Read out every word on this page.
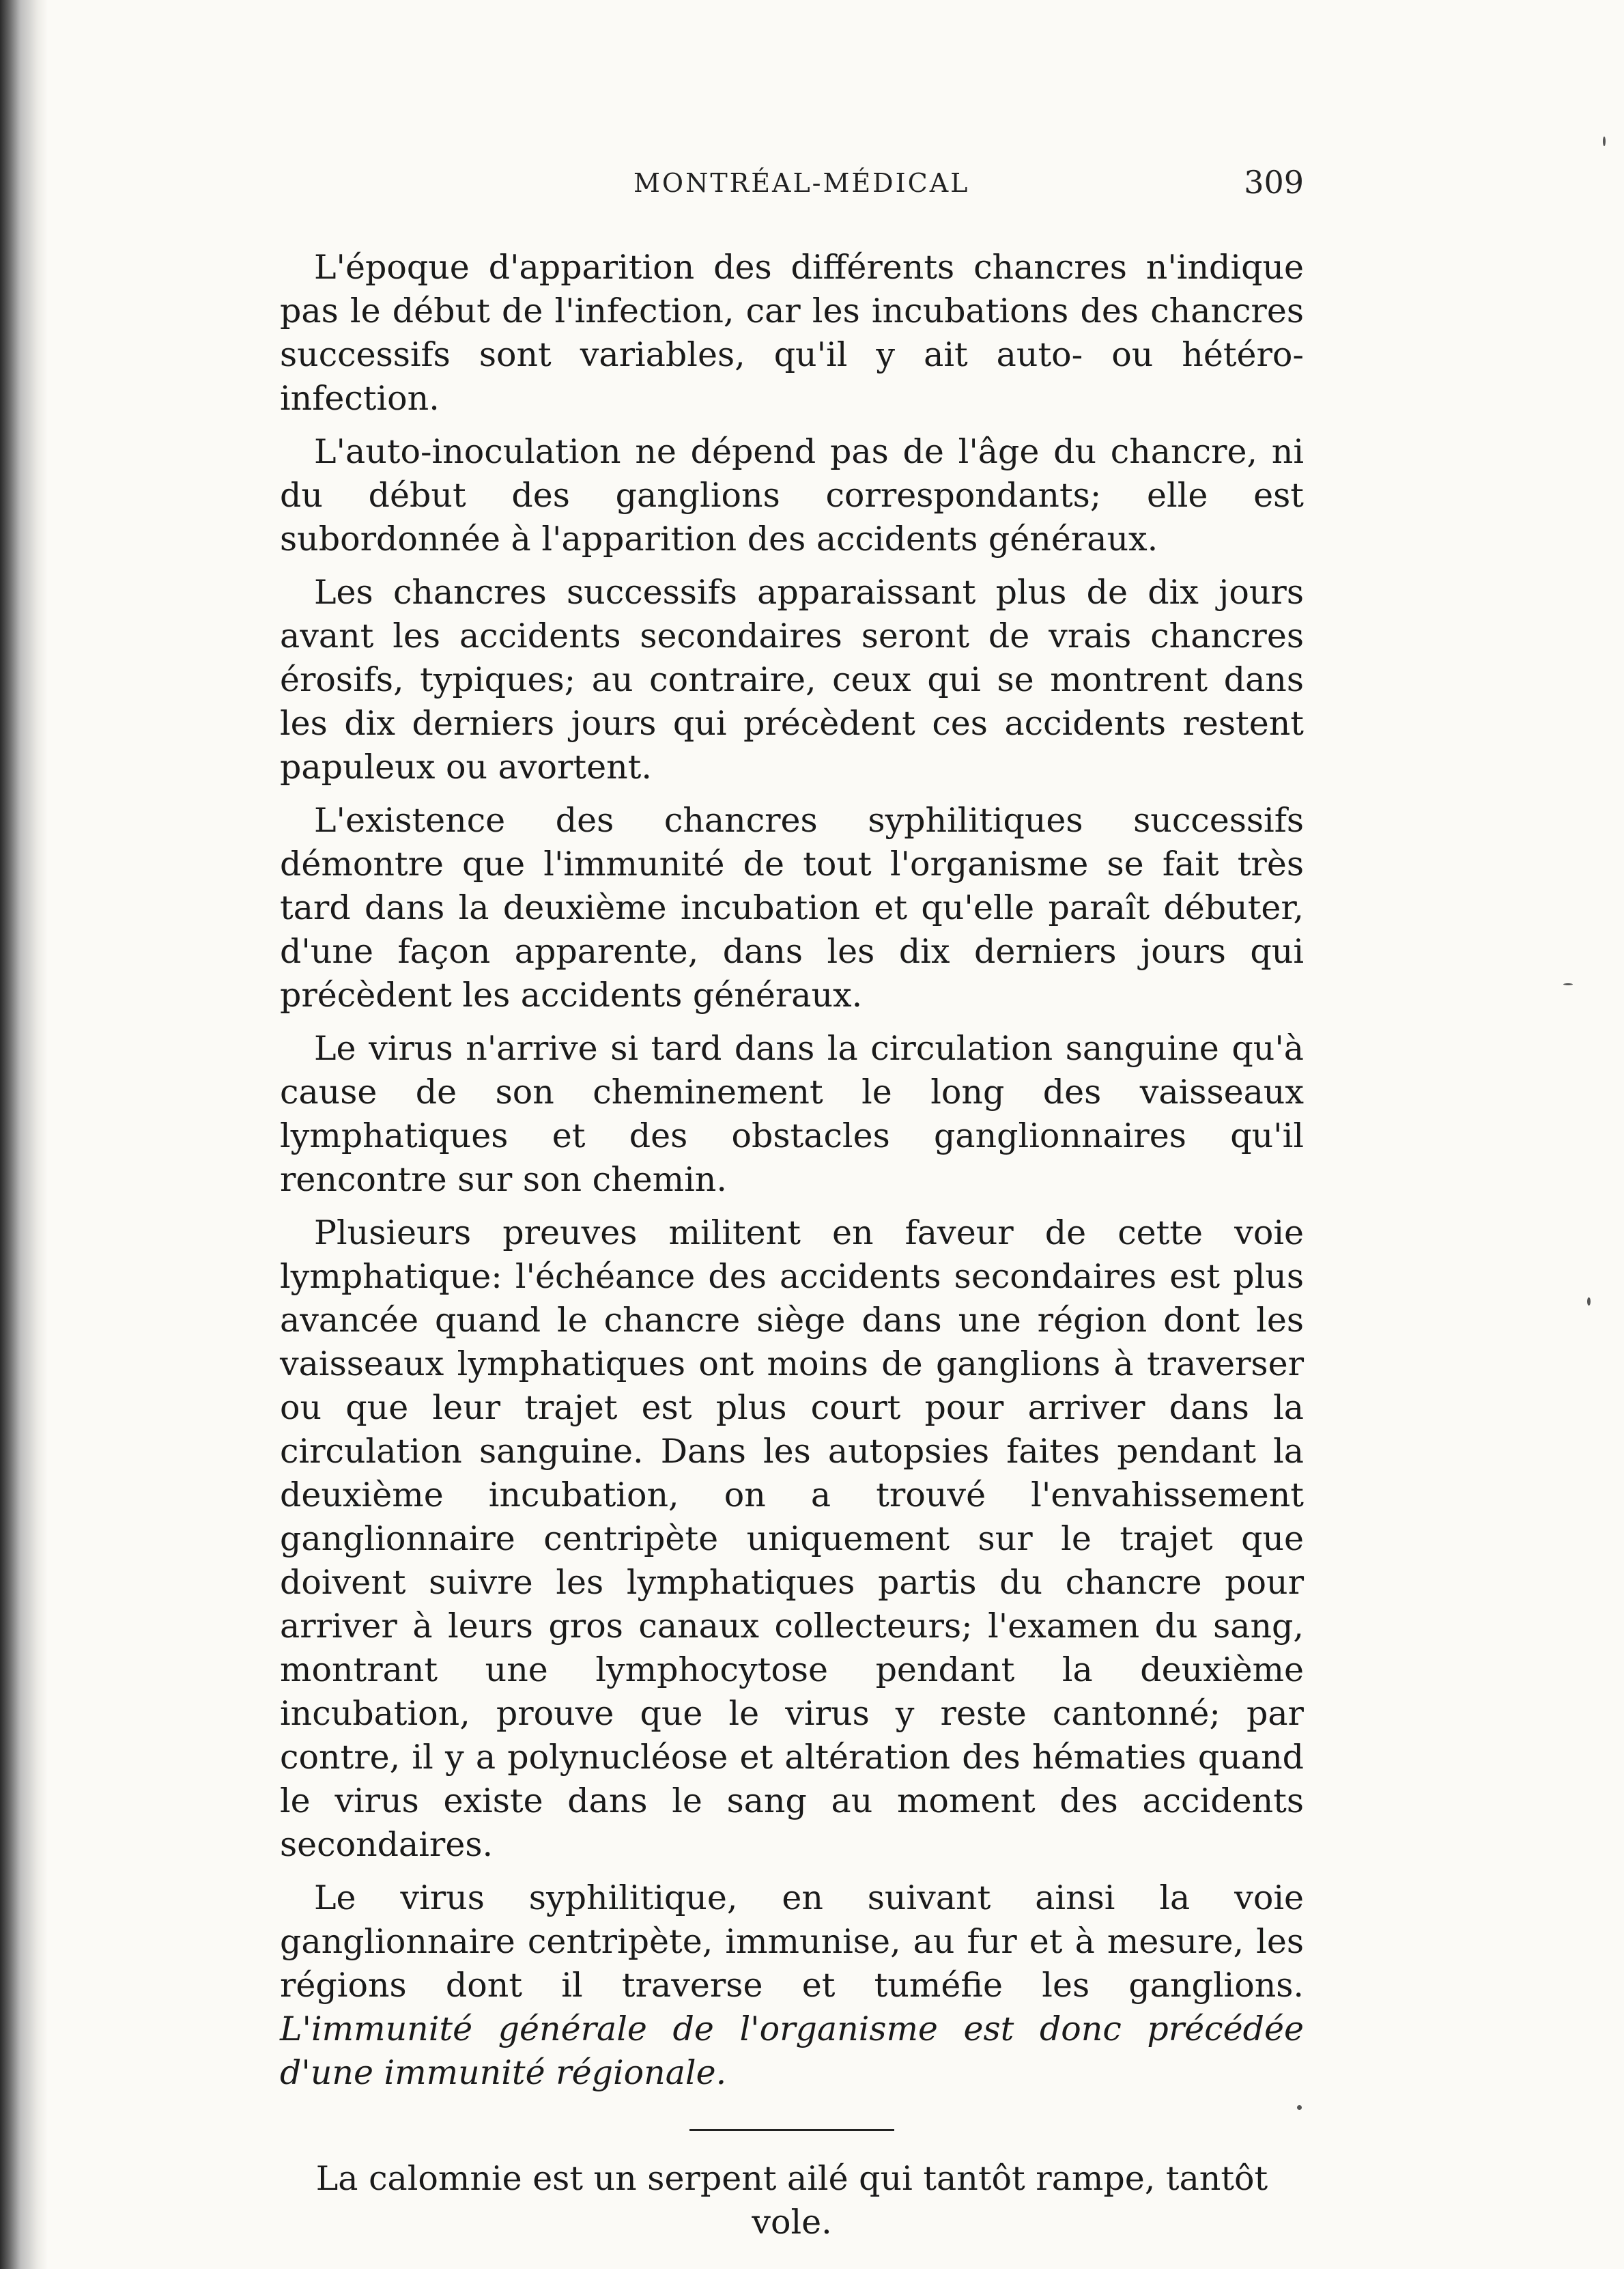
MONTRÉAL-MÉDICAL	309

L'époque d'apparition des différents chancres n'indique pas le début de l'infection, car les incubations des chancres successifs sont variables, qu'il y ait auto- ou hétéro-infection.

L'auto-inoculation ne dépend pas de l'âge du chancre, ni du début des ganglions correspondants; elle est subordonnée à l'apparition des accidents généraux.

Les chancres successifs apparaissant plus de dix jours avant les accidents secondaires seront de vrais chancres érosifs, typiques; au contraire, ceux qui se montrent dans les dix derniers jours qui précèdent ces accidents restent papuleux ou avortent.

L'existence des chancres syphilitiques successifs démontre que l'immunité de tout l'organisme se fait très tard dans la deuxième incubation et qu'elle paraît débuter, d'une façon apparente, dans les dix derniers jours qui précèdent les accidents généraux.

Le virus n'arrive si tard dans la circulation sanguine qu'à cause de son cheminement le long des vaisseaux lymphatiques et des obstacles ganglionnaires qu'il rencontre sur son chemin.

Plusieurs preuves militent en faveur de cette voie lymphatique: l'échéance des accidents secondaires est plus avancée quand le chancre siège dans une région dont les vaisseaux lymphatiques ont moins de ganglions à traverser ou que leur trajet est plus court pour arriver dans la circulation sanguine. Dans les autopsies faites pendant la deuxième incubation, on a trouvé l'envahissement ganglionnaire centripète uniquement sur le trajet que doivent suivre les lymphatiques partis du chancre pour arriver à leurs gros canaux collecteurs; l'examen du sang, montrant une lymphocytose pendant la deuxième incubation, prouve que le virus y reste cantonné; par contre, il y a polynucléose et altération des hématies quand le virus existe dans le sang au moment des accidents secondaires.

Le virus syphilitique, en suivant ainsi la voie ganglionnaire centripète, immunise, au fur et à mesure, les régions dont il traverse et tuméfie les ganglions. L'immunité générale de l'organisme est donc précédée d'une immunité régionale.

La calomnie est un serpent ailé qui tantôt rampe, tantôt vole.
